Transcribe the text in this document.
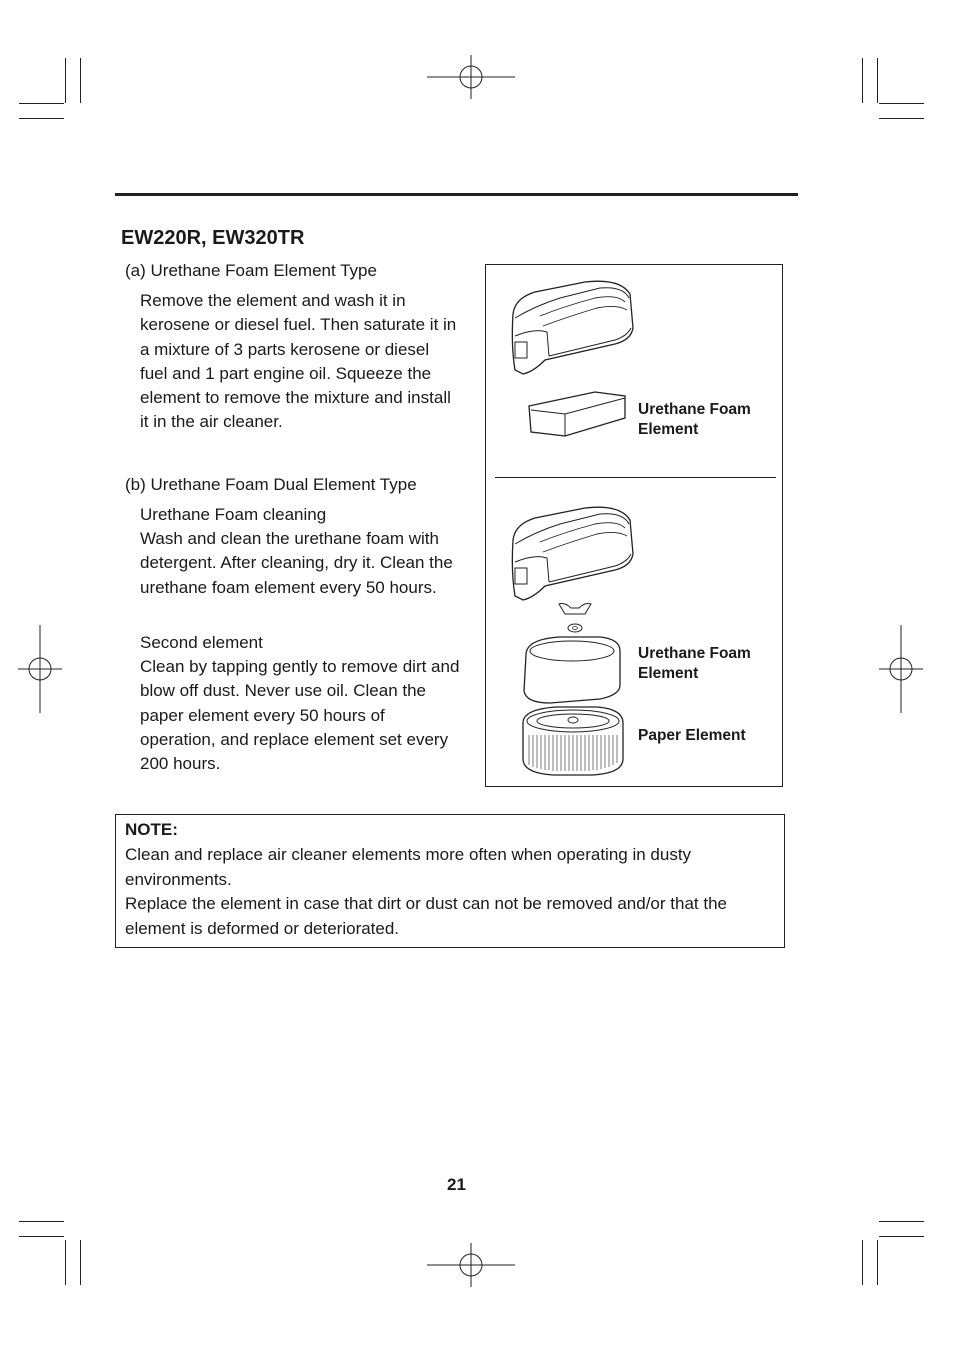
EW220R, EW320TR
(a) Urethane Foam Element Type
Remove the element and wash it in kerosene or diesel fuel. Then saturate it in a mixture of 3 parts kerosene or diesel fuel and 1 part engine oil. Squeeze the element to remove the mixture and install it in the air cleaner.
(b) Urethane Foam Dual Element Type
Urethane Foam cleaning
Wash and clean the urethane foam with detergent. After cleaning, dry it. Clean the urethane foam element every 50 hours.
Second element
Clean by tapping gently to remove dirt and blow off dust. Never use oil. Clean the paper element every 50 hours of operation, and replace element set every 200 hours.
Urethane Foam
Element
Urethane Foam
Element
Paper Element
NOTE:
Clean and replace air cleaner elements more often when operating in dusty environments.
Replace the element in case that dirt or dust can not be removed and/or that the element is deformed or deteriorated.
21
